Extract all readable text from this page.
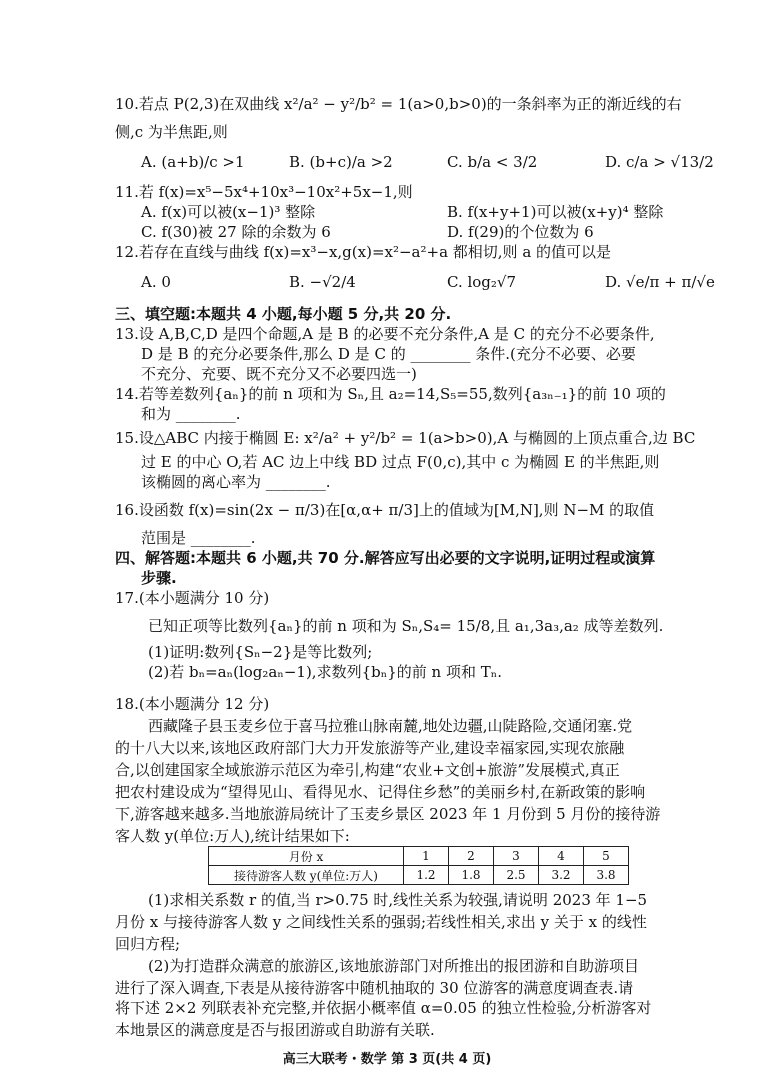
10.若点 P(2,3)在双曲线 x²/a² − y²/b² = 1(a>0,b>0)的一条斜率为正的渐近线的右
侧,c 为半焦距,则
A. (a+b)/c >1	B. (b+c)/a >2	C. b/a < 3/2	D. c/a > √13/2
11.若 f(x)=x⁵−5x⁴+10x³−10x²+5x−1,则
A. f(x)可以被(x−1)³ 整除	B. f(x+y+1)可以被(x+y)⁴ 整除
C. f(30)被 27 除的余数为 6	D. f(29)的个位数为 6
12.若存在直线与曲线 f(x)=x³−x,g(x)=x²−a²+a 都相切,则 a 的值可以是
A. 0	B. −√2/4	C. log₂√7	D. √e/π + π/√e
三、填空题:本题共 4 小题,每小题 5 分,共 20 分.
13.设 A,B,C,D 是四个命题,A 是 B 的必要不充分条件,A 是 C 的充分不必要条件,
D 是 B 的充分必要条件,那么 D 是 C 的 ________ 条件.(充分不必要、必要
不充分、充要、既不充分又不必要四选一)
14.若等差数列{aₙ}的前 n 项和为 Sₙ,且 a₂=14,S₅=55,数列{a₃ₙ₋₁}的前 10 项的
和为 ________.
15.设△ABC 内接于椭圆 E: x²/a² + y²/b² = 1(a>b>0),A 与椭圆的上顶点重合,边 BC
过 E 的中心 O,若 AC 边上中线 BD 过点 F(0,c),其中 c 为椭圆 E 的半焦距,则
该椭圆的离心率为 ________.
16.设函数 f(x)=sin(2x − π/3)在[α,α+ π/3]上的值域为[M,N],则 N−M 的取值
范围是 ________.
四、解答题:本题共 6 小题,共 70 分.解答应写出必要的文字说明,证明过程或演算
步骤.
17.(本小题满分 10 分)
已知正项等比数列{aₙ}的前 n 项和为 Sₙ,S₄= 15/8,且 a₁,3a₃,a₂ 成等差数列.
(1)证明:数列{Sₙ−2}是等比数列;
(2)若 bₙ=aₙ(log₂aₙ−1),求数列{bₙ}的前 n 项和 Tₙ.
18.(本小题满分 12 分)
西藏隆子县玉麦乡位于喜马拉雅山脉南麓,地处边疆,山陡路险,交通闭塞.党
的十八大以来,该地区政府部门大力开发旅游等产业,建设幸福家园,实现农旅融
合,以创建国家全域旅游示范区为牵引,构建“农业+文创+旅游”发展模式,真正
把农村建设成为“望得见山、看得见水、记得住乡愁”的美丽乡村,在新政策的影响
下,游客越来越多.当地旅游局统计了玉麦乡景区 2023 年 1 月份到 5 月份的接待游
客人数 y(单位:万人),统计结果如下:
月份 x	1	2	3	4	5
接待游客人数 y(单位:万人)	1.2	1.8	2.5	3.2	3.8
(1)求相关系数 r 的值,当 r>0.75 时,线性关系为较强,请说明 2023 年 1−5
月份 x 与接待游客人数 y 之间线性关系的强弱;若线性相关,求出 y 关于 x 的线性
回归方程;
(2)为打造群众满意的旅游区,该地旅游部门对所推出的报团游和自助游项目
进行了深入调查,下表是从接待游客中随机抽取的 30 位游客的满意度调查表.请
将下述 2×2 列联表补充完整,并依据小概率值 α=0.05 的独立性检验,分析游客对
高三大联考・数学 第 3 页(共 4 页)
本地景区的满意度是否与报团游或自助游有关联.
